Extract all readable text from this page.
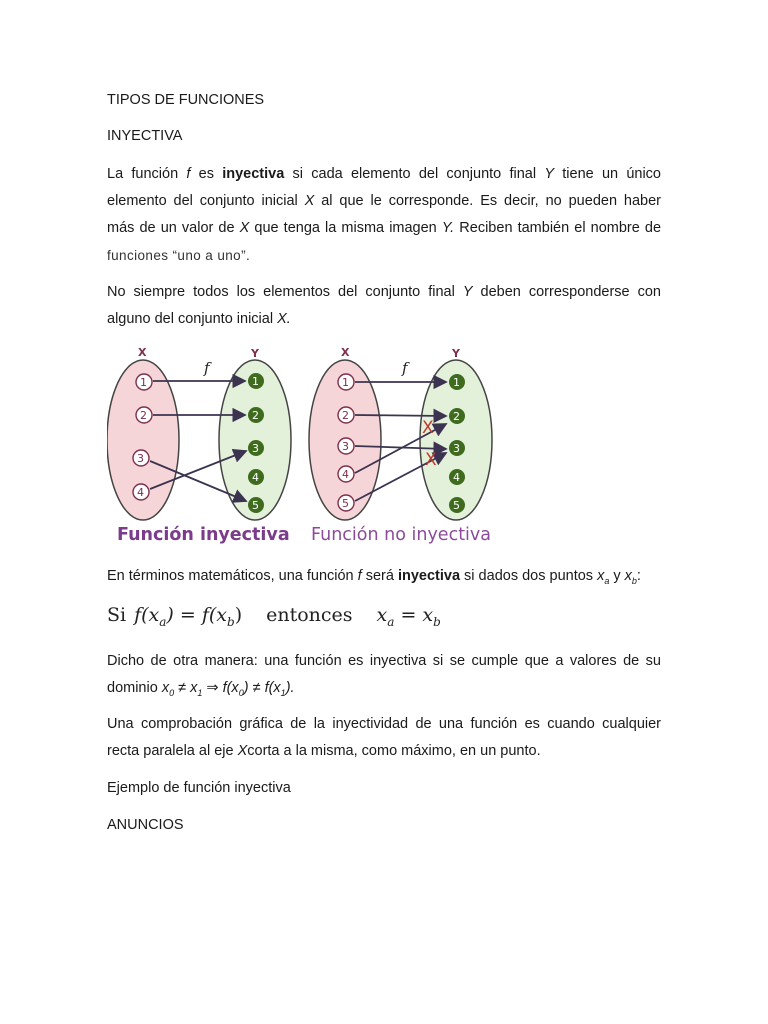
TIPOS DE FUNCIONES

INYECTIVA

La función f es inyectiva si cada elemento del conjunto final Y tiene un único
elemento del conjunto inicial X al que le corresponde. Es decir, no pueden haber
más de un valor de X que tenga la misma imagen Y. Reciben también el nombre de
funciones “uno a uno”.
No siempre todos los elementos del conjunto final Y deben corresponderse con
alguno del conjunto inicial X.
X	Y
f
1
2
3
4
1
2
3
4
5
X	Y
f
1
2
3
4
5
1
2
3
4
5
X
X
Función inyectiva Función no inyectiva
En términos matemáticos, una función f será inyectiva si dados dos puntos $x_a$ y $x_b$:
Si $f(x_a) = f(x_b)$ entonces $x_a = x_b$
Dicho de otra manera: una función es inyectiva si se cumple que a valores de su
dominio $x_0 \ne x_1$ ⇒ $f(x_0) \ne f(x_1)$.
Una comprobación gráfica de la inyectividad de una función es cuando cualquier
recta paralela al eje Xcorta a la misma, como máximo, en un punto.

Ejemplo de función inyectiva

ANUNCIOS
